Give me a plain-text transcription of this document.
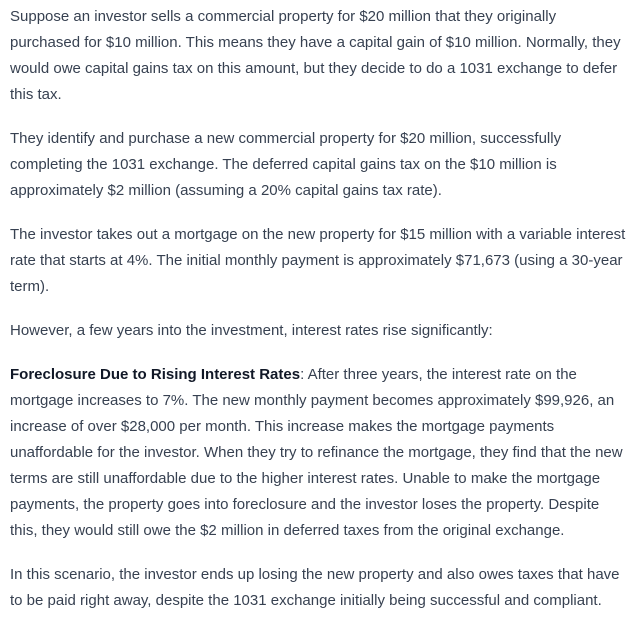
Suppose an investor sells a commercial property for $20 million that they originally purchased for $10 million. This means they have a capital gain of $10 million. Normally, they would owe capital gains tax on this amount, but they decide to do a 1031 exchange to defer this tax.

They identify and purchase a new commercial property for $20 million, successfully completing the 1031 exchange. The deferred capital gains tax on the $10 million is approximately $2 million (assuming a 20% capital gains tax rate).

The investor takes out a mortgage on the new property for $15 million with a variable interest rate that starts at 4%. The initial monthly payment is approximately $71,673 (using a 30-year term).

However, a few years into the investment, interest rates rise significantly:

Foreclosure Due to Rising Interest Rates: After three years, the interest rate on the mortgage increases to 7%. The new monthly payment becomes approximately $99,926, an increase of over $28,000 per month. This increase makes the mortgage payments unaffordable for the investor. When they try to refinance the mortgage, they find that the new terms are still unaffordable due to the higher interest rates. Unable to make the mortgage payments, the property goes into foreclosure and the investor loses the property. Despite this, they would still owe the $2 million in deferred taxes from the original exchange.

In this scenario, the investor ends up losing the new property and also owes taxes that have to be paid right away, despite the 1031 exchange initially being successful and compliant.
